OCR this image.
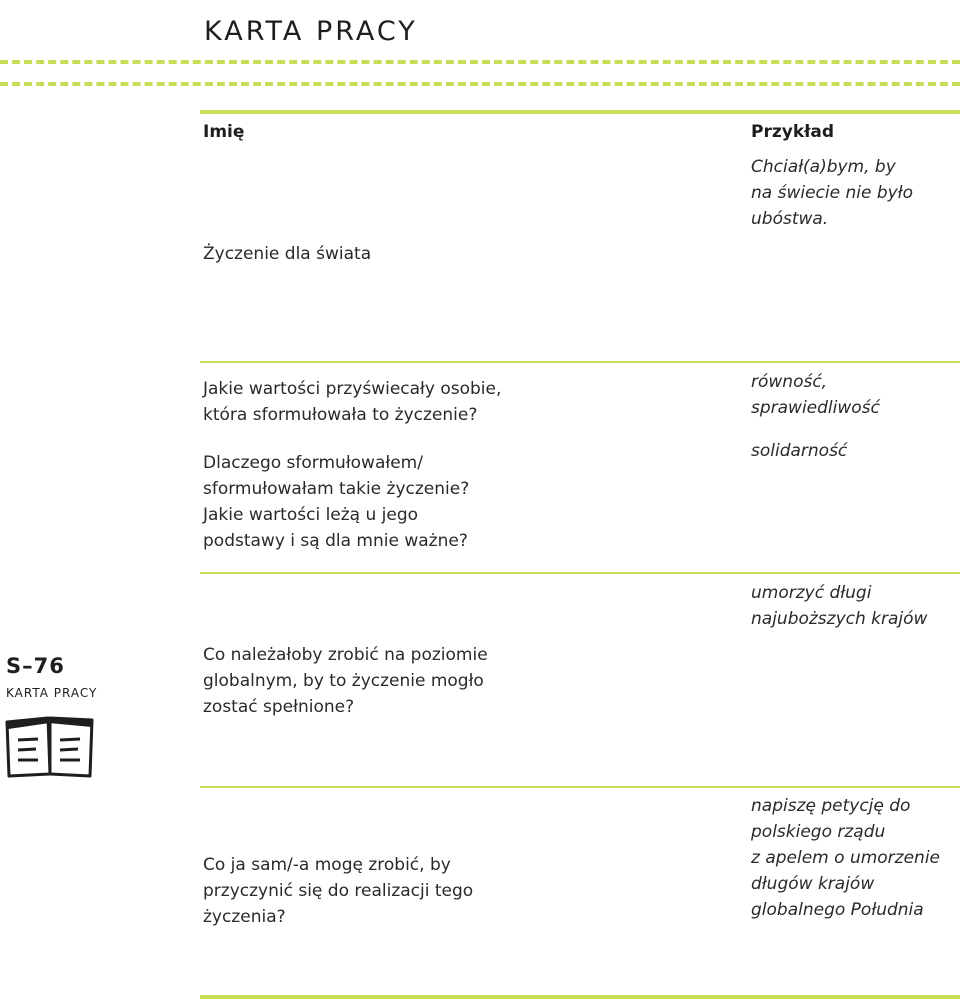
KARTA PRACY
Imię	Przykład
Chciał(a)bym, by
na świecie nie było
ubóstwa.
Życzenie dla świata
Jakie wartości przyświecały osobie,
która sformułowała to życzenie?
równość, sprawiedliwość
Dlaczego sformułowałem/
sformułowałam takie życzenie?
Jakie wartości leżą u jego
podstawy i są dla mnie ważne?
solidarność
umorzyć długi
najuboższych krajów
Co należałoby zrobić na poziomie
globalnym, by to życzenie mogło
zostać spełnione?
S–76
KARTA PRACY
napiszę petycję do
polskiego rządu
z apelem o umorzenie
długów krajów
globalnego Południa
Co ja sam/-a mogę zrobić, by
przyczynić się do realizacji tego
życzenia?
